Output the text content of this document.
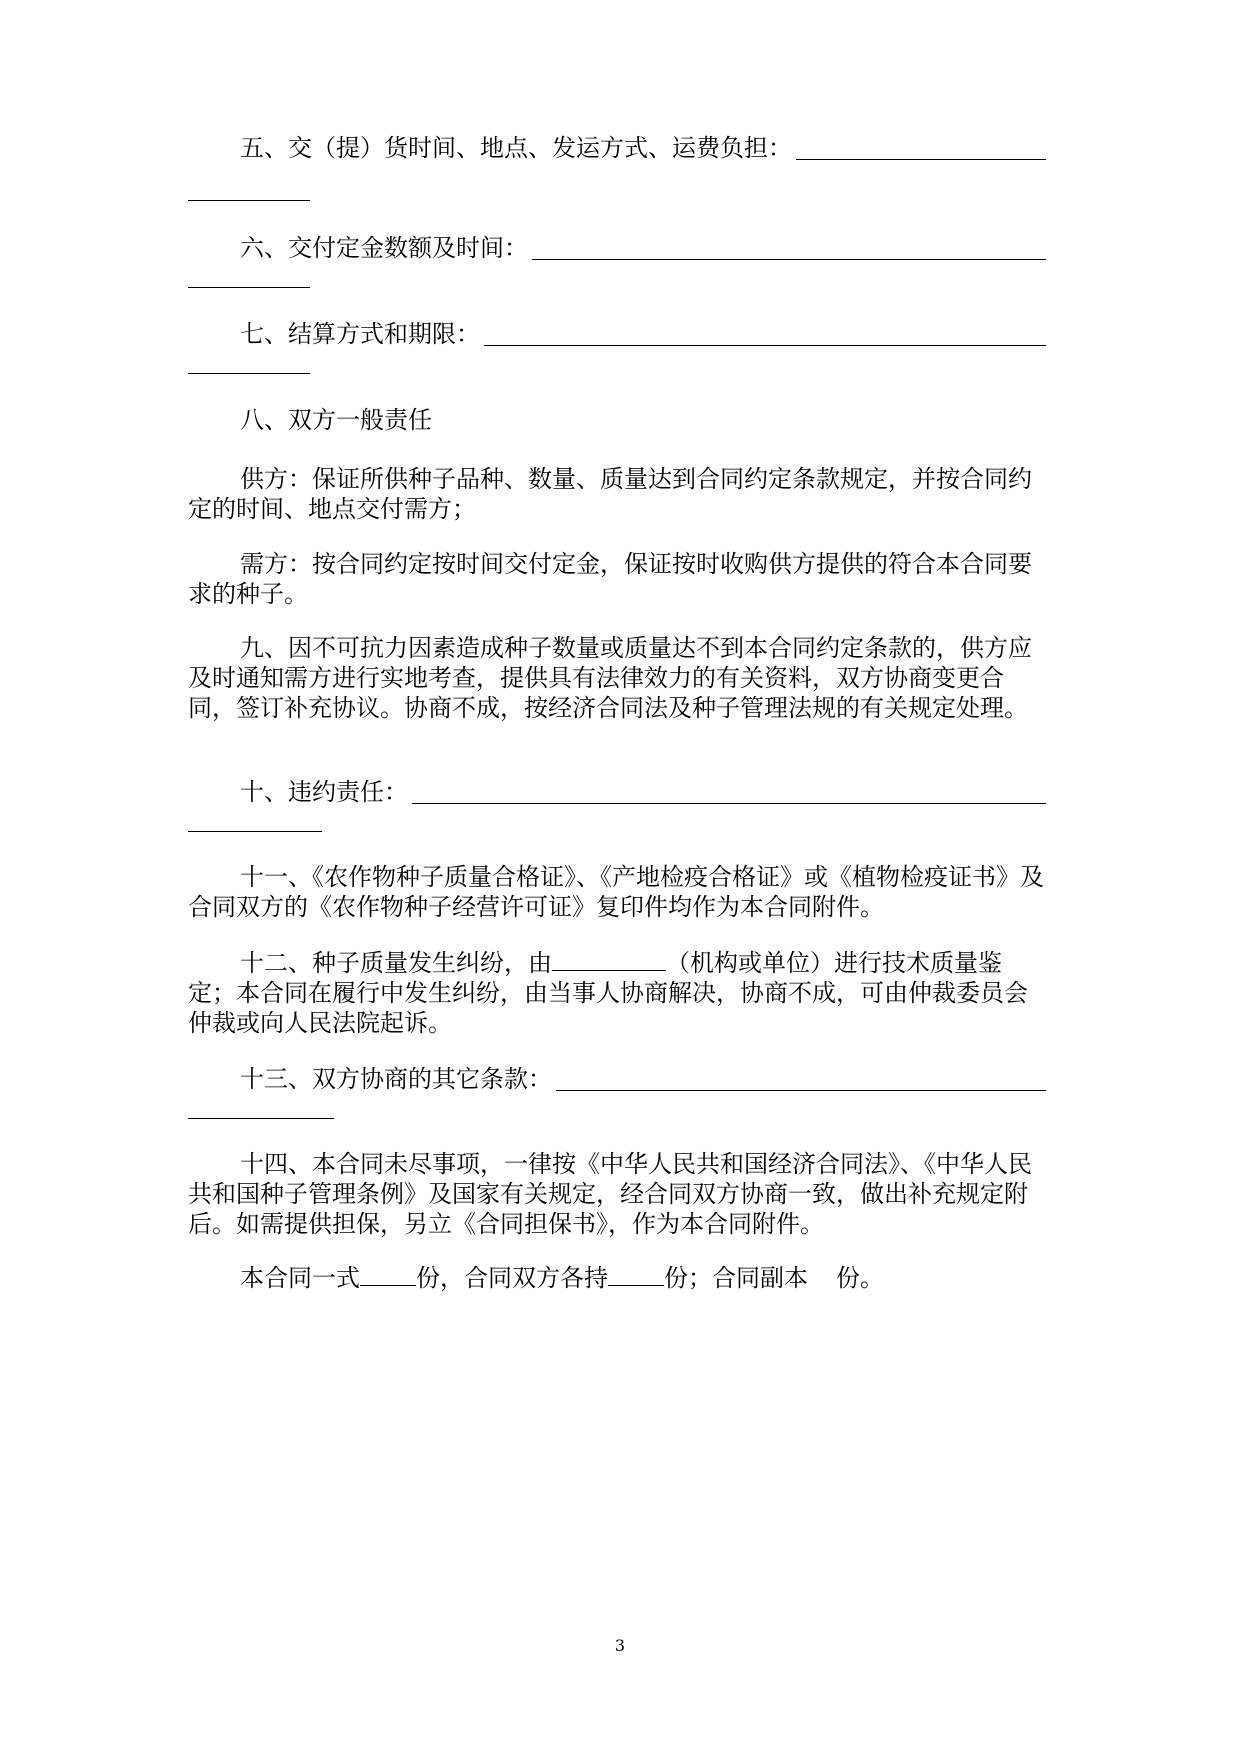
五、交（提）货时间、地点、发运方式、运费负担：
六、交付定金数额及时间：
七、结算方式和期限：

八、双方一般责任

供方：保证所供种子品种、数量、质量达到合同约定条款规定，并按合同约定的时间、地点交付需方；

需方：按合同约定按时间交付定金，保证按时收购供方提供的符合本合同要求的种子。

九、因不可抗力因素造成种子数量或质量达不到本合同约定条款的，供方应及时通知需方进行实地考查，提供具有法律效力的有关资料，双方协商变更合同，签订补充协议。协商不成，按经济合同法及种子管理法规的有关规定处理。

十、违约责任：

十一、《农作物种子质量合格证》、《产地检疫合格证》或《植物检疫证书》及合同双方的《农作物种子经营许可证》复印件均作为本合同附件。

十二、种子质量发生纠纷，由	（机构或单位）进行技术质量鉴定；本合同在履行中发生纠纷，由当事人协商解决，协商不成，可由仲裁委员会仲裁或向人民法院起诉。

十三、双方协商的其它条款：

十四、本合同未尽事项，一律按《中华人民共和国经济合同法》、《中华人民共和国种子管理条例》及国家有关规定，经合同双方协商一致，做出补充规定附后。如需提供担保，另立《合同担保书》，作为本合同附件。

本合同一式 份，合同双方各持 份；合同副本 份。

3
